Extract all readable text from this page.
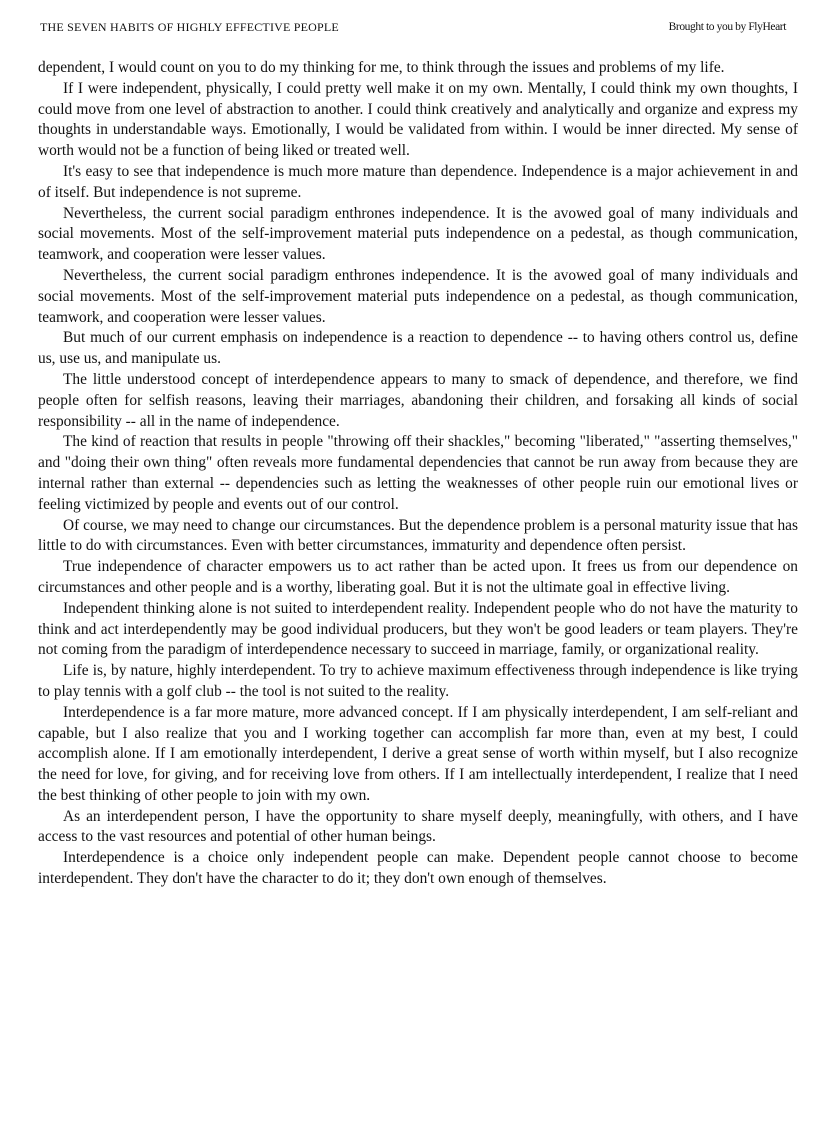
THE SEVEN HABITS OF HIGHLY EFFECTIVE PEOPLE	Brought to you by FlyHeart

dependent, I would count on you to do my thinking for me, to think through the issues and problems of my life.

If I were independent, physically, I could pretty well make it on my own. Mentally, I could think my own thoughts, I could move from one level of abstraction to another. I could think creatively and analytically and organize and express my thoughts in understandable ways. Emotionally, I would be validated from within. I would be inner directed. My sense of worth would not be a function of being liked or treated well.

It's easy to see that independence is much more mature than dependence. Independence is a major achievement in and of itself. But independence is not supreme.

Nevertheless, the current social paradigm enthrones independence. It is the avowed goal of many individuals and social movements. Most of the self-improvement material puts independence on a pedestal, as though communication, teamwork, and cooperation were lesser values.

Nevertheless, the current social paradigm enthrones independence. It is the avowed goal of many individuals and social movements. Most of the self-improvement material puts independence on a pedestal, as though communication, teamwork, and cooperation were lesser values.

But much of our current emphasis on independence is a reaction to dependence -- to having others control us, define us, use us, and manipulate us.

The little understood concept of interdependence appears to many to smack of dependence, and therefore, we find people often for selfish reasons, leaving their marriages, abandoning their children, and forsaking all kinds of social responsibility -- all in the name of independence.

The kind of reaction that results in people "throwing off their shackles," becoming "liberated," "asserting themselves," and "doing their own thing" often reveals more fundamental dependencies that cannot be run away from because they are internal rather than external -- dependencies such as letting the weaknesses of other people ruin our emotional lives or feeling victimized by people and events out of our control.

Of course, we may need to change our circumstances. But the dependence problem is a personal maturity issue that has little to do with circumstances. Even with better circumstances, immaturity and dependence often persist.

True independence of character empowers us to act rather than be acted upon. It frees us from our dependence on circumstances and other people and is a worthy, liberating goal. But it is not the ultimate goal in effective living.

Independent thinking alone is not suited to interdependent reality. Independent people who do not have the maturity to think and act interdependently may be good individual producers, but they won't be good leaders or team players. They're not coming from the paradigm of interdependence necessary to succeed in marriage, family, or organizational reality.

Life is, by nature, highly interdependent. To try to achieve maximum effectiveness through independence is like trying to play tennis with a golf club -- the tool is not suited to the reality.

Interdependence is a far more mature, more advanced concept. If I am physically interdependent, I am self-reliant and capable, but I also realize that you and I working together can accomplish far more than, even at my best, I could accomplish alone. If I am emotionally interdependent, I derive a great sense of worth within myself, but I also recognize the need for love, for giving, and for receiving love from others. If I am intellectually interdependent, I realize that I need the best thinking of other people to join with my own.

As an interdependent person, I have the opportunity to share myself deeply, meaningfully, with others, and I have access to the vast resources and potential of other human beings.

Interdependence is a choice only independent people can make. Dependent people cannot choose to become interdependent. They don't have the character to do it; they don't own enough of themselves.
